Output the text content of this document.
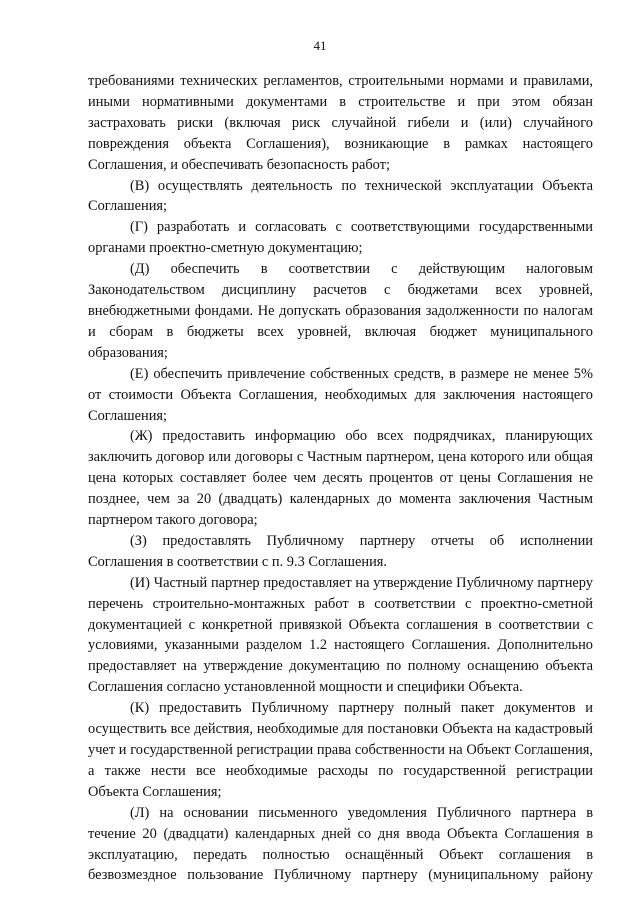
41

требованиями технических регламентов, строительными нормами и правилами, иными нормативными документами в строительстве и при этом обязан застраховать риски (включая риск случайной гибели и (или) случайного повреждения объекта Соглашения), возникающие в рамках настоящего Соглашения, и обеспечивать безопасность работ;

(В) осуществлять деятельность по технической эксплуатации Объекта Соглашения;

(Г) разработать и согласовать с соответствующими государственными органами проектно-сметную документацию;

(Д) обеспечить в соответствии с действующим налоговым Законодательством дисциплину расчетов с бюджетами всех уровней, внебюджетными фондами. Не допускать образования задолженности по налогам и сборам в бюджеты всех уровней, включая бюджет муниципального образования;

(Е) обеспечить привлечение собственных средств, в размере не менее 5% от стоимости Объекта Соглашения, необходимых для заключения настоящего Соглашения;

(Ж) предоставить информацию обо всех подрядчиках, планирующих заключить договор или договоры с Частным партнером, цена которого или общая цена которых составляет более чем десять процентов от цены Соглашения не позднее, чем за 20 (двадцать) календарных до момента заключения Частным партнером такого договора;

(З) предоставлять Публичному партнеру отчеты об исполнении Соглашения в соответствии с п. 9.3 Соглашения.

(И) Частный партнер предоставляет на утверждение Публичному партнеру перечень строительно-монтажных работ в соответствии с проектно-сметной документацией с конкретной привязкой Объекта соглашения в соответствии с условиями, указанными разделом 1.2 настоящего Соглашения. Дополнительно предоставляет на утверждение документацию по полному оснащению объекта Соглашения согласно установленной мощности и специфики Объекта.

(К) предоставить Публичному партнеру полный пакет документов и осуществить все действия, необходимые для постановки Объекта на кадастровый учет и государственной регистрации права собственности на Объект Соглашения, а также нести все необходимые расходы по государственной регистрации Объекта Соглашения;

(Л) на основании письменного уведомления Публичного партнера в течение 20 (двадцати) календарных дней со дня ввода Объекта Соглашения в эксплуатацию, передать полностью оснащённый Объект соглашения в безвозмездное пользование Публичному партнеру (муниципальному району
